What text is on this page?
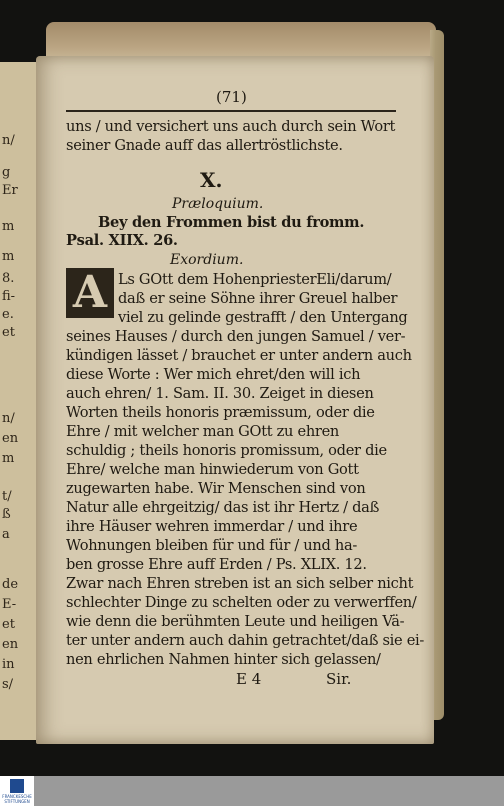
n/
g
Er
m
m
8.
fi-
e.
et
n/
en
m
t/
ß
a
de
E-
et
en
in
s/
(71)
uns / und versichert uns auch durch sein Wort
seiner Gnade auff das allertröstlichste.
X.
Præloquium.
Bey den Frommen bist du fromm.
Psal. XIIX. 26.
Exordium.
A Ls GOtt dem HohenpriesterEli/darum/
daß er seine Söhne ihrer Greuel halber
viel zu gelinde gestrafft / den Untergang
seines Hauses / durch den jungen Samuel / ver-
kündigen lässet / brauchet er unter andern auch
diese Worte : Wer mich ehret/den will ich
auch ehren/ 1. Sam. II. 30. Zeiget in diesen
Worten theils honoris præmissum, oder die
Ehre / mit welcher man GOtt zu ehren
schuldig ; theils honoris promissum, oder die
Ehre/ welche man hinwiederum von Gott
zugewarten habe. Wir Menschen sind von
Natur alle ehrgeitzig/ das ist ihr Hertz / daß
ihre Häuser wehren immerdar / und ihre
Wohnungen bleiben für und für / und ha-
ben grosse Ehre auff Erden / Ps. XLIX. 12.
Zwar nach Ehren streben ist an sich selber nicht
schlechter Dinge zu schelten oder zu verwerffen/
wie denn die berühmten Leute und heiligen Vä-
ter unter andern auch dahin getrachtet/daß sie ei-
nen ehrlichen Nahmen hinter sich gelassen/
E 4	Sir.
FRANCKESCHE STIFTUNGEN
